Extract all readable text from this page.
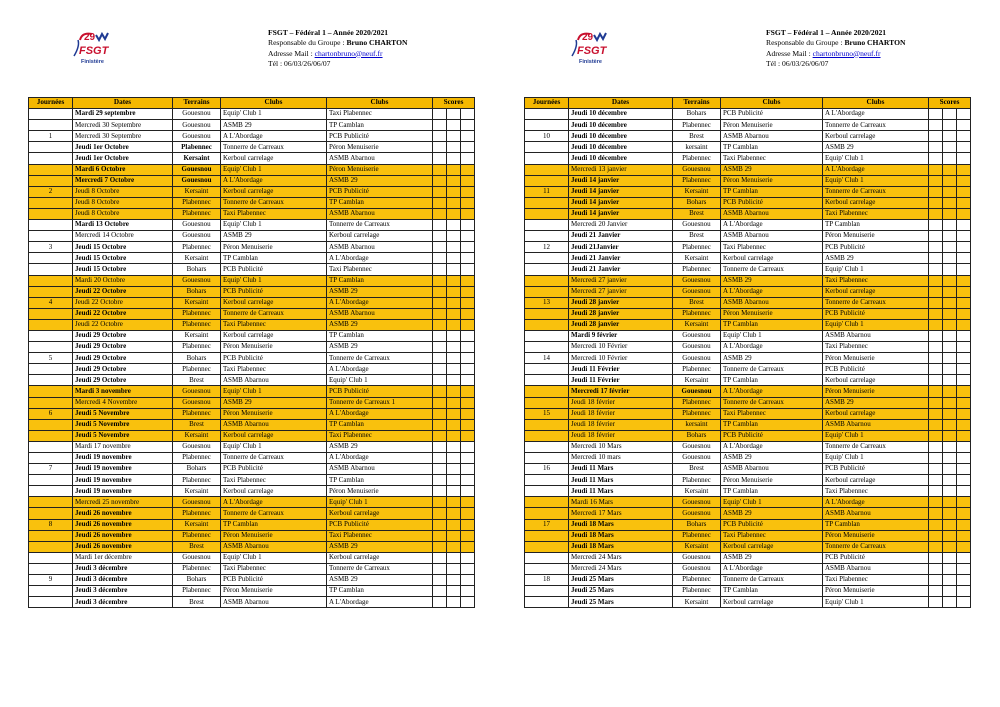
29
FSGT
Finistère
FSGT – Fédéral 1 – Année 2020/2021
Responsable du Groupe : Bruno CHARTON
Adresse Mail : chartonbruno@neuf.fr
Tél : 06/03/26/06/07
Journées	Dates	Terrains	Clubs	Clubs	Scores		
	Mardi 29 septembre	Gouesnou	Equip' Club 1	Taxi Plabennec			
	Mercredi 30 Septembre	Gouesnou	ASMB 29	TP Camblan			
1	Mercredi 30 Septembre	Gouesnou	A L'Abordage	PCB Publicité			
	Jeudi 1er Octobre	Plabennec	Tonnerre de Carreaux	Péron Menuiserie			
	Jeudi 1er Octobre	Kersaint	Kerboul carrelage	ASMB Abarnou			
	Mardi 6 Octobre	Gouesnou	Equip' Club 1	Péron Menuiserie			
	Mercredi 7 Octobre	Gouesnou	A L'Abordage	ASMB 29			
2	Jeudi 8 Octobre	Kersaint	Kerboul carrelage	PCB Publicité			
	Jeudi 8 Octobre	Plabennec	Tonnerre de Carreaux	TP Camblan			
	Jeudi 8 Octobre	Plabennec	Taxi Plabennec	ASMB Abarnou			
	Mardi 13 Octobre	Gouesnou	Equip' Club 1	Tonnerre de Carreaux			
	Mercredi 14 Octobre	Gouesnou	ASMB 29	Kerboul carrelage			
3	Jeudi 15 Octobre	Plabennec	Péron Menuiserie	ASMB Abarnou			
	Jeudi 15 Octobre	Kersaint	TP Camblan	A L'Abordage			
	Jeudi 15 Octobre	Bohars	PCB Publicité	Taxi Plabennec			
	Mardi 20 Octobre	Gouesnou	Equip' Club 1	TP Camblan			
	Jeudi 22 Octobre	Bohars	PCB Publicité	ASMB 29			
4	Jeudi 22 Octobre	Kersaint	Kerboul carrelage	A L'Abordage			
	Jeudi 22 Octobre	Plabennec	Tonnerre de Carreaux	ASMB Abarnou			
	Jeudi 22 Octobre	Plabennec	Taxi Plabennec	ASMB 29			
	Jeudi 29 Octobre	Kersaint	Kerboul carrelage	TP Camblan			
	Jeudi 29 Octobre	Plabennec	Péron Menuiserie	ASMB 29			
5	Jeudi 29 Octobre	Bohars	PCB Publicité	Tonnerre de Carreaux			
	Jeudi 29 Octobre	Plabennec	Taxi Plabennec	A L'Abordage			
	Jeudi 29 Octobre	Brest	ASMB Abarnou	Equip' Club 1			
	Mardi 3 novembre	Gouesnou	Equip' Club 1	PCB Publicité			
	Mercredi 4 Novembre	Gouesnou	ASMB 29	Tonnerre de Carreaux 1			
6	Jeudi 5 Novembre	Plabennec	Péron Menuiserie	A L'Abordage			
	Jeudi 5 Novembre	Brest	ASMB Abarnou	TP Camblan			
	Jeudi 5 Novembre	Kersaint	Kerboul carrelage	Taxi Plabennec			
	Mardi 17 novembre	Gouesnou	Equip' Club 1	ASMB 29			
	Jeudi 19 novembre	Plabennec	Tonnerre de Carreaux	A L'Abordage			
7	Jeudi 19 novembre	Bohars	PCB Publicité	ASMB Abarnou			
	Jeudi 19 novembre	Plabennec	Taxi Plabennec	TP Camblan			
	Jeudi 19 novembre	Kersaint	Kerboul carrelage	Péron Menuiserie			
	Mercredi 25 novembre	Gouesnou	A L'Abordage	Equip' Club 1			
	Jeudi 26 novembre	Plabennec	Tonnerre de Carreaux	Kerboul carrelage			
8	Jeudi 26 novembre	Kersaint	TP Camblan	PCB Publicité			
	Jeudi 26 novembre	Plabennec	Péron Menuiserie	Taxi Plabennec			
	Jeudi 26 novembre	Brest	ASMB Abarnou	ASMB 29			
	Mardi 1er décembre	Gouesnou	Equip' Club 1	Kerboul carrelage			
	Jeudi 3 décembre	Plabennec	Taxi Plabennec	Tonnerre de Carreaux			
9	Jeudi 3 décembre	Bohars	PCB Publicité	ASMB 29			
	Jeudi 3 décembre	Plabennec	Péron Menuiserie	TP Camblan			
	Jeudi 3 décembre	Brest	ASMB Abarnou	A L'Abordage			
29
FSGT
Finistère
FSGT – Fédéral 1 – Année 2020/2021
Responsable du Groupe : Bruno CHARTON
Adresse Mail : chartonbruno@neuf.fr
Tél : 06/03/26/06/07
Journées	Dates	Terrains	Clubs	Clubs	Scores		
	Jeudi 10 décembre	Bohars	PCB Publicité	A L'Abordage			
	Jeudi 10 décembre	Plabennec	Péron Menuiserie	Tonnerre de Carreaux			
10	Jeudi 10 décembre	Brest	ASMB Abarnou	Kerboul carrelage			
	Jeudi 10 décembre	kersaint	TP Camblan	ASMB 29			
	Jeudi 10 décembre	Plabennec	Taxi Plabennec	Equip' Club 1			
	Mercredi 13 janvier	Gouesnou	ASMB 29	A L'Abordage			
	Jeudi 14 janvier	Plabennec	Péron Menuiserie	Equip' Club 1			
11	Jeudi 14 janvier	Kersaint	TP Camblan	Tonnerre de Carreaux			
	Jeudi 14 janvier	Bohars	PCB Publicité	Kerboul carrelage			
	Jeudi 14 janvier	Brest	ASMB Abarnou	Taxi Plabennec			
	Mercredi 20 Janvier	Gouesnou	A L'Abordage	TP Camblan			
	Jeudi 21 Janvier	Brest	ASMB Abarnou	Péron Menuiserie			
12	Jeudi 21Janvier	Plabennec	Taxi Plabennec	PCB Publicité			
	Jeudi 21 Janvier	Kersaint	Kerboul carrelage	ASMB 29			
	Jeudi 21 Janvier	Plabennec	Tonnerre de Carreaux	Equip' Club 1			
	Mercredi 27 janvier	Gouesnou	ASMB 29	Taxi Plabennec			
	Mercredi 27 janvier	Gouesnou	A L'Abordage	Kerboul carrelage			
13	Jeudi 28 janvier	Brest	ASMB Abarnou	Tonnerre de Carreaux			
	Jeudi 28 janvier	Plabennec	Péron Menuiserie	PCB Publicité			
	Jeudi 28 janvier	Kersaint	TP Camblan	Equip' Club 1			
	Mardi 9 février	Gouesnou	Equip' Club 1	ASMB Abarnou			
	Mercredi 10 Février	Gouesnou	A L'Abordage	Taxi Plabennec			
14	Mercredi 10 Février	Gouesnou	ASMB 29	Péron Menuiserie			
	Jeudi 11 Février	Plabennec	Tonnerre de Carreaux	PCB Publicité			
	Jeudi 11 Février	Kersaint	TP Camblan	Kerboul carrelage			
	Mercredi 17 février	Gouesnou	A L'Abordage	Péron Menuiserie			
	Jeudi 18 février	Plabennec	Tonnerre de Carreaux	ASMB 29			
15	Jeudi 18 février	Plabennec	Taxi Plabennec	Kerboul carrelage			
	Jeudi 18 février	kersaint	TP Camblan	ASMB Abarnou			
	Jeudi 18 février	Bohars	PCB Publicité	Equip' Club 1			
	Mercredi 10 Mars	Gouesnou	A L'Abordage	Tonnerre de Carreaux			
	Mercredi 10 mars	Gouesnou	ASMB 29	Equip' Club 1			
16	Jeudi 11 Mars	Brest	ASMB Abarnou	PCB Publicité			
	Jeudi 11 Mars	Plabennec	Péron Menuiserie	Kerboul carrelage			
	Jeudi 11 Mars	Kersaint	TP Camblan	Taxi Plabennec			
	Mardi 16 Mars	Gouesnou	Equip' Club 1	A L'Abordage			
	Mercredi 17 Mars	Gouesnou	ASMB 29	ASMB Abarnou			
17	Jeudi 18 Mars	Bohars	PCB Publicité	TP Camblan			
	Jeudi 18 Mars	Plabennec	Taxi Plabennec	Péron Menuiserie			
	Jeudi 18 Mars	Kersaint	Kerboul carrelage	Tonnerre de Carreaux			
	Mercredi 24 Mars	Gouesnou	ASMB 29	PCB Publicité			
	Mercredi 24 Mars	Gouesnou	A L'Abordage	ASMB Abarnou			
18	Jeudi 25 Mars	Plabennec	Tonnerre de Carreaux	Taxi Plabennec			
	Jeudi 25 Mars	Plabennec	TP Camblan	Péron Menuiserie			
	Jeudi 25 Mars	Kersaint	Kerboul carrelage	Equip' Club 1			
